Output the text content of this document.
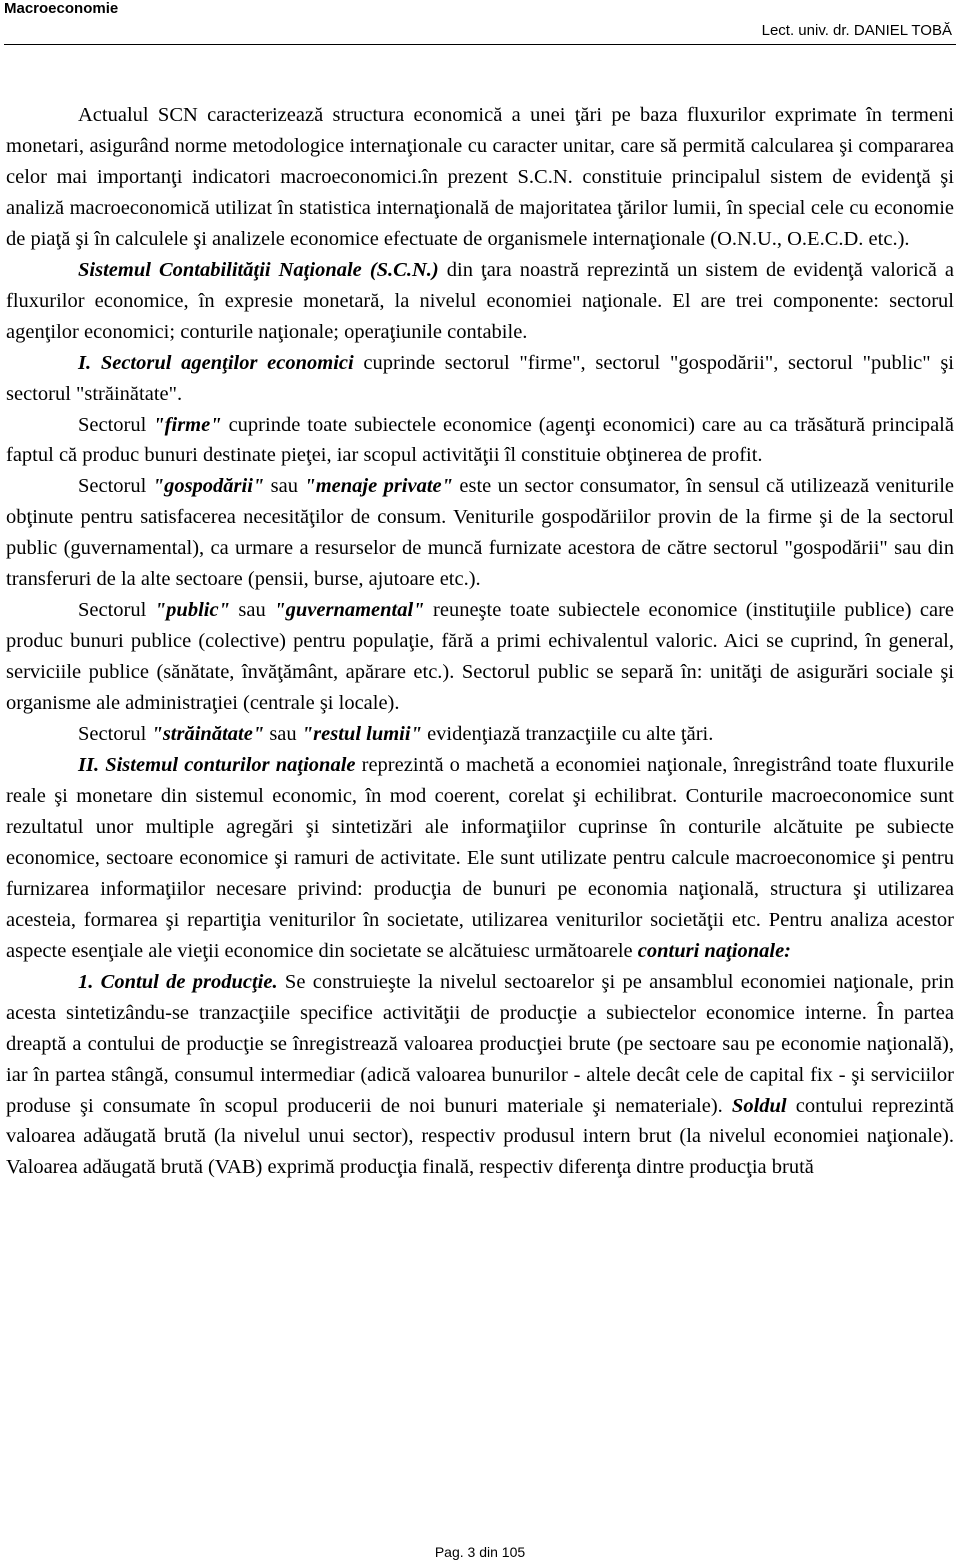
Macroeconomie
Lect. univ. dr. DANIEL TOBĂ

Actualul SCN caracterizează structura economică a unei ţări pe baza fluxurilor exprimate în termeni monetari, asigurând norme metodologice internaţionale cu caracter unitar, care să permită calcularea şi compararea celor mai importanţi indicatori macroeconomici.în prezent S.C.N. constituie principalul sistem de evidenţă şi analiză macroeconomică utilizat în statistica internaţională de majoritatea ţărilor lumii, în special cele cu economie de piaţă şi în calculele şi analizele economice efectuate de organismele internaţionale (O.N.U., O.E.C.D. etc.).

Sistemul Contabilităţii Naţionale (S.C.N.) din ţara noastră reprezintă un sistem de evidenţă valorică a fluxurilor economice, în expresie monetară, la nivelul economiei naţionale. El are trei componente: sectorul agenţilor economici; conturile naţionale; operaţiunile contabile.

I. Sectorul agenţilor economici cuprinde sectorul "firme", sectorul "gospodării", sectorul "public" şi sectorul "străinătate".

Sectorul "firme" cuprinde toate subiectele economice (agenţi economici) care au ca trăsătură principală faptul că produc bunuri destinate pieţei, iar scopul activităţii îl constituie obţinerea de profit.

Sectorul "gospodării" sau "menaje private" este un sector consumator, în sensul că utilizează veniturile obţinute pentru satisfacerea necesităţilor de consum. Veniturile gospodăriilor provin de la firme şi de la sectorul public (guvernamental), ca urmare a resurselor de muncă furnizate acestora de către sectorul "gospodării" sau din transferuri de la alte sectoare (pensii, burse, ajutoare etc.).

Sectorul "public" sau "guvernamental" reuneşte toate subiectele economice (instituţiile publice) care produc bunuri publice (colective) pentru populaţie, fără a primi echivalentul valoric. Aici se cuprind, în general, serviciile publice (sănătate, învăţământ, apărare etc.). Sectorul public se separă în: unităţi de asigurări sociale şi organisme ale administraţiei (centrale şi locale).

Sectorul "străinătate" sau "restul lumii" evidenţiază tranzacţiile cu alte ţări.

II. Sistemul conturilor naţionale reprezintă o machetă a economiei naţionale, înregistrând toate fluxurile reale şi monetare din sistemul economic, în mod coerent, corelat şi echilibrat. Conturile macroeconomice sunt rezultatul unor multiple agregări şi sintetizări ale informaţiilor cuprinse în conturile alcătuite pe subiecte economice, sectoare economice şi ramuri de activitate. Ele sunt utilizate pentru calcule macroeconomice şi pentru furnizarea informaţiilor necesare privind: producţia de bunuri pe economia naţională, structura şi utilizarea acesteia, formarea şi repartiţia veniturilor în societate, utilizarea veniturilor societăţii etc. Pentru analiza acestor aspecte esenţiale ale vieţii economice din societate se alcătuiesc următoarele conturi naţionale:

1. Contul de producţie. Se construieşte la nivelul sectoarelor şi pe ansamblul economiei naţionale, prin acesta sintetizându-se tranzacţiile specifice activităţii de producţie a subiectelor economice interne. În partea dreaptă a contului de producţie se înregistrează valoarea producţiei brute (pe sectoare sau pe economie naţională), iar în partea stângă, consumul intermediar (adică valoarea bunurilor - altele decât cele de capital fix - şi serviciilor produse şi consumate în scopul producerii de noi bunuri materiale şi nemateriale). Soldul contului reprezintă valoarea adăugată brută (la nivelul unui sector), respectiv produsul intern brut (la nivelul economiei naţionale). Valoarea adăugată brută (VAB) exprimă producţia finală, respectiv diferenţa dintre producţia brută

Pag. 3 din 105
